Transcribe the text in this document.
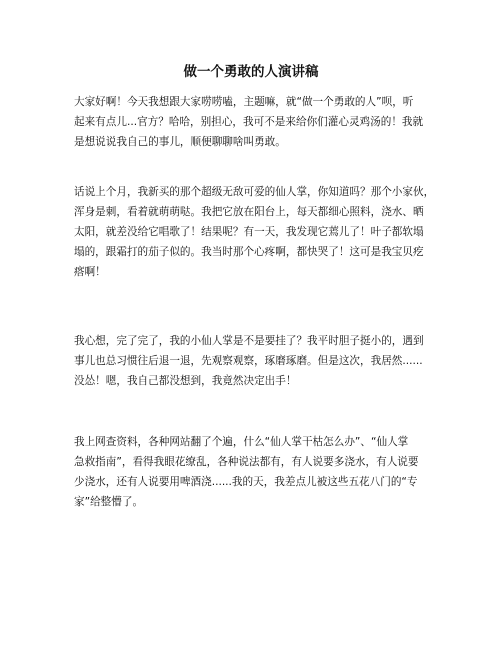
做一个勇敢的人演讲稿

大家好啊！今天我想跟大家唠唠嗑，主题嘛，就“做一个勇敢的人”呗，听
起来有点儿...官方？哈哈，别担心，我可不是来给你们灌心灵鸡汤的！我就
是想说说我自己的事儿，顺便聊聊啥叫勇敢。

话说上个月，我新买的那个超级无敌可爱的仙人掌，你知道吗？那个小家伙，
浑身是刺，看着就萌萌哒。我把它放在阳台上，每天都细心照料，浇水、晒
太阳，就差没给它唱歌了！结果呢？有一天，我发现它蔫儿了！叶子都软塌
塌的，跟霜打的茄子似的。我当时那个心疼啊，都快哭了！这可是我宝贝疙
瘩啊！

我心想，完了完了，我的小仙人掌是不是要挂了？我平时胆子挺小的，遇到
事儿也总习惯往后退一退，先观察观察，琢磨琢磨。但是这次，我居然......
没怂！嗯，我自己都没想到，我竟然决定出手！

我上网查资料，各种网站翻了个遍，什么“仙人掌干枯怎么办”、“仙人掌
急救指南”，看得我眼花缭乱，各种说法都有，有人说要多浇水，有人说要
少浇水，还有人说要用啤酒浇......我的天，我差点儿被这些五花八门的“专
家”给整懵了。
